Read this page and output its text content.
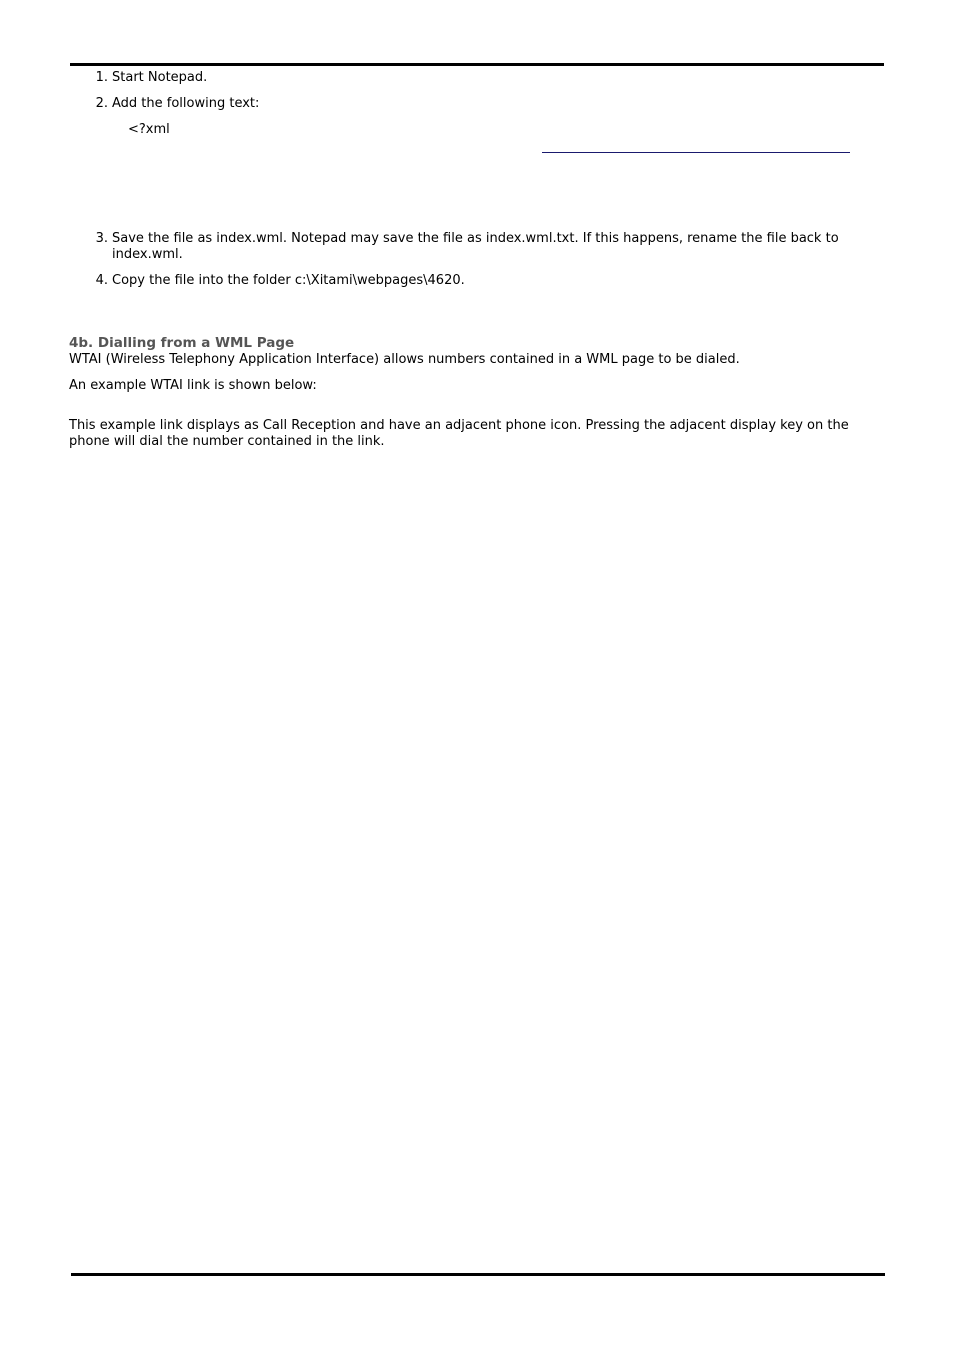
1. Start Notepad.
2. Add the following text:
<?xml
3. Save the file as index.wml. Notepad may save the file as index.wml.txt. If this happens, rename the file back to
index.wml.
4. Copy the file into the folder c:\Xitami\webpages\4620.
4b. Dialling from a WML Page
WTAI (Wireless Telephony Application Interface) allows numbers contained in a WML page to be dialed.
An example WTAI link is shown below:
This example link displays as Call Reception and have an adjacent phone icon. Pressing the adjacent display key on the
phone will dial the number contained in the link.
